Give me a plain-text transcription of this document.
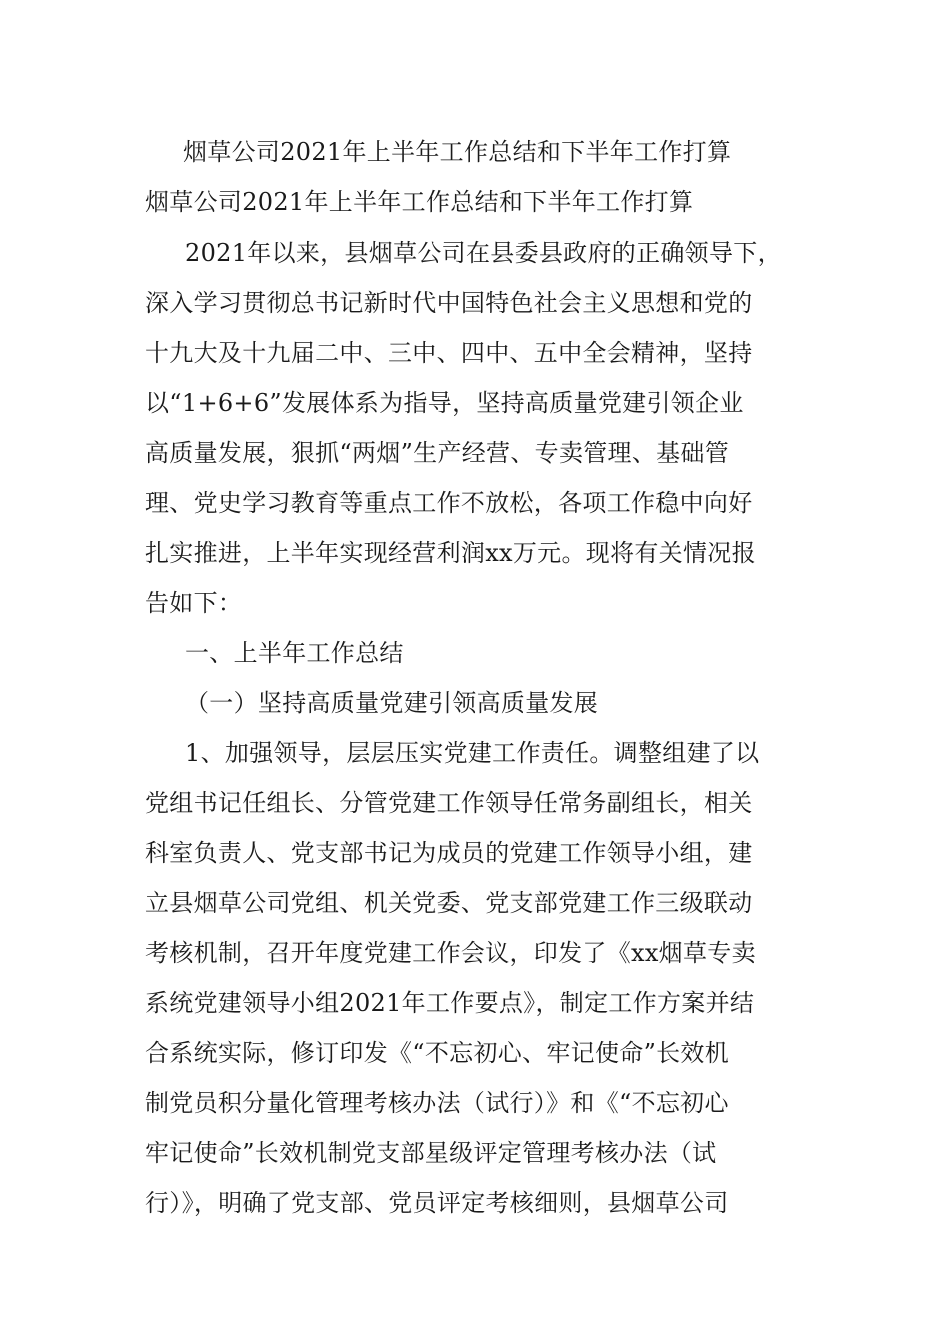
烟草公司2021年上半年工作总结和下半年工作打算
烟草公司2021年上半年工作总结和下半年工作打算
2021年以来，县烟草公司在县委县政府的正确领导下，
深入学习贯彻总书记新时代中国特色社会主义思想和党的
十九大及十九届二中、三中、四中、五中全会精神，坚持
以“1+6+6”发展体系为指导，坚持高质量党建引领企业
高质量发展，狠抓“两烟”生产经营、专卖管理、基础管
理、党史学习教育等重点工作不放松，各项工作稳中向好
扎实推进，上半年实现经营利润xx万元。现将有关情况报
告如下：
一、上半年工作总结
（一）坚持高质量党建引领高质量发展
1、加强领导，层层压实党建工作责任。调整组建了以
党组书记任组长、分管党建工作领导任常务副组长，相关
科室负责人、党支部书记为成员的党建工作领导小组，建
立县烟草公司党组、机关党委、党支部党建工作三级联动
考核机制，召开年度党建工作会议，印发了《xx烟草专卖
系统党建领导小组2021年工作要点》，制定工作方案并结
合系统实际，修订印发《“不忘初心、牢记使命”长效机
制党员积分量化管理考核办法（试行）》和《“不忘初心
牢记使命”长效机制党支部星级评定管理考核办法（试
行）》，明确了党支部、党员评定考核细则，县烟草公司
